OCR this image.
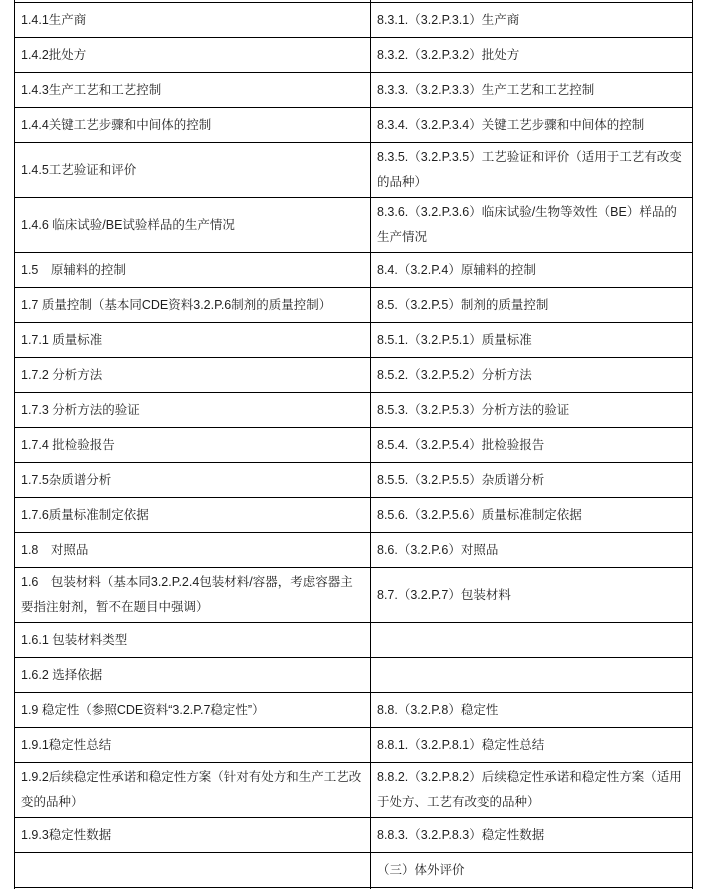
1.4.1生产商	8.3.1.（3.2.P.3.1）生产商
1.4.2批处方	8.3.2.（3.2.P.3.2）批处方
1.4.3生产工艺和工艺控制	8.3.3.（3.2.P.3.3）生产工艺和工艺控制
1.4.4关键工艺步骤和中间体的控制	8.3.4.（3.2.P.3.4）关键工艺步骤和中间体的控制
1.4.5工艺验证和评价	8.3.5.（3.2.P.3.5）工艺验证和评价（适用于工艺有改变的品种）
1.4.6 临床试验/BE试验样品的生产情况	8.3.6.（3.2.P.3.6）临床试验/生物等效性（BE）样品的生产情况
1.5　原辅料的控制	8.4.（3.2.P.4）原辅料的控制
1.7 质量控制（基本同CDE资料3.2.P.6制剂的质量控制）	8.5.（3.2.P.5）制剂的质量控制
1.7.1 质量标准	8.5.1.（3.2.P.5.1）质量标准
1.7.2 分析方法	8.5.2.（3.2.P.5.2）分析方法
1.7.3 分析方法的验证	8.5.3.（3.2.P.5.3）分析方法的验证
1.7.4 批检验报告	8.5.4.（3.2.P.5.4）批检验报告
1.7.5杂质谱分析	8.5.5.（3.2.P.5.5）杂质谱分析
1.7.6质量标准制定依据	8.5.6.（3.2.P.5.6）质量标准制定依据
1.8　对照品	8.6.（3.2.P.6）对照品
1.6　包装材料（基本同3.2.P.2.4包装材料/容器，考虑容器主要指注射剂，暂不在题目中强调）	8.7.（3.2.P.7）包装材料
1.6.1 包装材料类型	
1.6.2 选择依据	
1.9 稳定性（参照CDE资料“3.2.P.7稳定性”）	8.8.（3.2.P.8）稳定性
1.9.1稳定性总结	8.8.1.（3.2.P.8.1）稳定性总结
1.9.2后续稳定性承诺和稳定性方案（针对有处方和生产工艺改变的品种）	8.8.2.（3.2.P.8.2）后续稳定性承诺和稳定性方案（适用于处方、工艺有改变的品种）
1.9.3稳定性数据	8.8.3.（3.2.P.8.3）稳定性数据
	（三）体外评价
